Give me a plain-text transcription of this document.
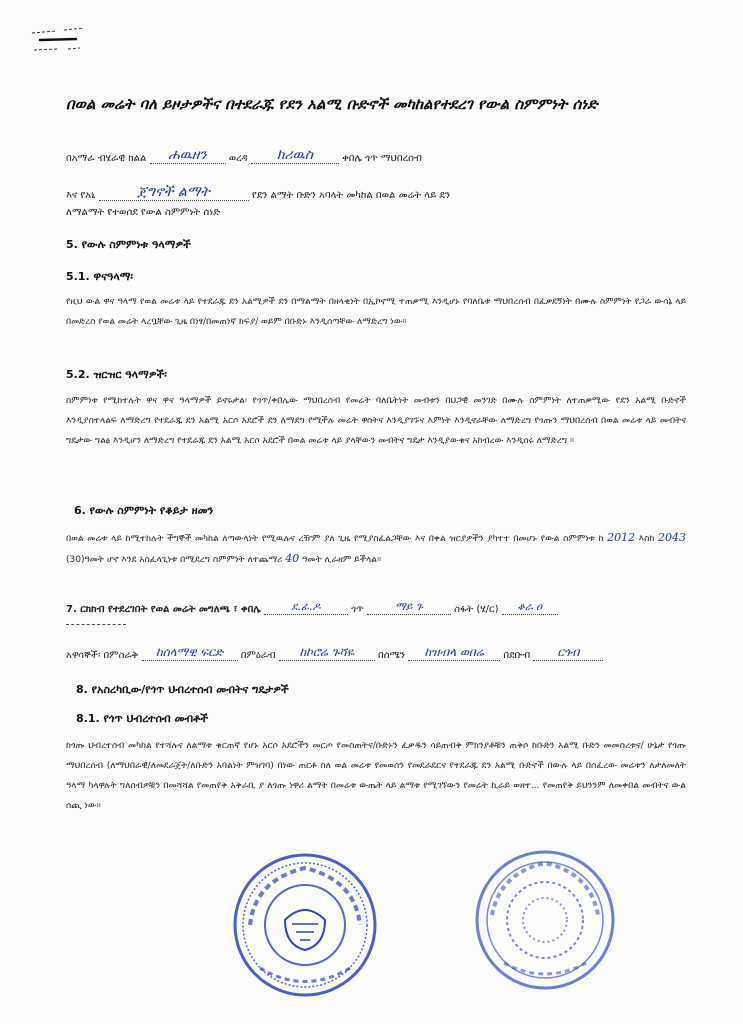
በወል መሬት ባለ ይዞታዎችና በተደራጁ የደን አልሚ ቡድኖች መካከልየተደረገ የውል ስምምነት ሰነድ
በአማራ ብሄራዊ ክልል ሐዉዘን ወረዳ ክሪዉስ	ቀበሌ ጎጥ ማህበረሰብ
እና የአኒ	ጀግኖች ልማት	የደን ልማት ቡድን አባላት መካከል በወል መሬት ላይ ደን
ለማልማት የተወሰደ የውል ስምምነት ሰነድ
5. የውሉ ስምምነቱ ዓላማዎች
5.1. ዋናዓላማ፡
የዚህ ውል ዋና ዓላማ የወል መሬቱ ላይ የተደራጁ ደን አልሚዎች ደን በማልማት በዘላቂነት በኢኮኖሚ ተጠቃሚ እንዲሆኑ የባለቤቱ ማህበረሰብ በፈቃደኝነት በሙሉ ስምምነት የጋራ ውሳኔ ላይ በመድረስ የወል መሬት ላረቧቸው ጊዜ በነፃ/በመጠነኛ ክፍያ/ ወይም በቡድኑ እንዲሰጣቸው ለማድረግ ነው።
5.2. ዝርዝር ዓላማዎች፡
ስምምነቱ የሚከተሉት ዋና ዋና ዓላማዎች ይኖሩታል፡ የጎጥ/ቀበሌው ማህበረሰብ የመሬት ባለቤትነት መብቱን በህጋዊ መንገድ በሙሉ ስምምነት ለተጠቃሚው የደን አልሚ ቡድኖች እንዲያስተላልፍ ለማድረግ የተደራጁ ደን አልሚ አርሶ አደሮች ደን ለማደግ የሚችሉ መሬት ዋስትና እንዲያገኙና እምነት እንዲኖራቸው ለማድረግ የጎጡን ማህበረሰብ በወል መሬቱ ላይ መብትና ግዴታው ግልፅ እንዲሆን ለማድረግ የተደራጁ ደን አልሚ አርሶ አደሮች በወል መሬቱ ላይ ያላቸውን መብትና ግዴታ እንዲያውቁና አክብረው እንዲሰሩ ለማድረግ ።
6. የውሉ ስምምነት የቆይታ ዘመን
በወል መሬቱ ላይ ከሚተከሉት ችግኞች መካከል ለጣውላነት የሚዉሉና ረዥም ያለ ጊዜ የሚያስፈልጋቸው እና በቀል ዝርያዎችን ያካተተ በመሆኑ የውል ስምምነቱ ከ 2012 እስከ 2043 (30)ዓመት ሆኖ እንደ አስፈላጊነቱ በሚደረግ ስምምነት ለተጨማሪ 40 ዓመት ሊራዘም ይችላል።
7. ርክክብ የተደረገበት የወል መሬት መግለጫ ፣ ቀበሌ	ደ.ፊ.ዶ	ጎጥ	ማይ ጉ	ስፋት (ሄ/ር) ቆራ ዐ
አዋሳኞች፡ በምስራቅ ከሰላማዊ ፍርድ በምዕራብ ከኮሮሬ ጉሻዬ በሰሜን ከዝብላ ወበሬ በደቡብ ርጎብ
8. የአስረካቢው/የጎጥ ህብረተሰብ መብትና ግዴታዎች
8.1. የጎጥ ህብረተሰብ መብቶች
ከጎጡ ህብረተሰብ መካከል የተሻሉና ለልማቱ ቁርጠኛ የሆኑ አርሶ አደሮችን መርጦ የመስጠትና/ቡድኑን ፈቃዱን ሳይጠብቅ ምክንያቶቹን ጠቅሶ ከቡድን አልሚ ቡድን መመስረቱና/ ሁኔታ የጎጡ ማህበረሰብ (ለማህበራዊ/ለመደራጀት/ለቡድን አባልነት ምዝገባ) በነው ጠርቶ ስለ ወል መሬቱ የመወሰን የመደራደርና የተደራጁ ደን አልሚ ቡድኖች በውሉ ላይ በሰፈረው መሬቱን ለታለመለት ዓላማ ካላዋሉት ግለሰብዎቹን በመሻሻል የመጠየቅ አቅራቢ ያ ለጎጡ ነዋሪ ልማት በመሬቱ ውጤት ላይ ልማቱ የሚገኘውን የመሬት ኪራይ ወዘተ... የመጠየቅ ይህንንም ለመቀበል መብትና ውል ሰጪ ነው።
